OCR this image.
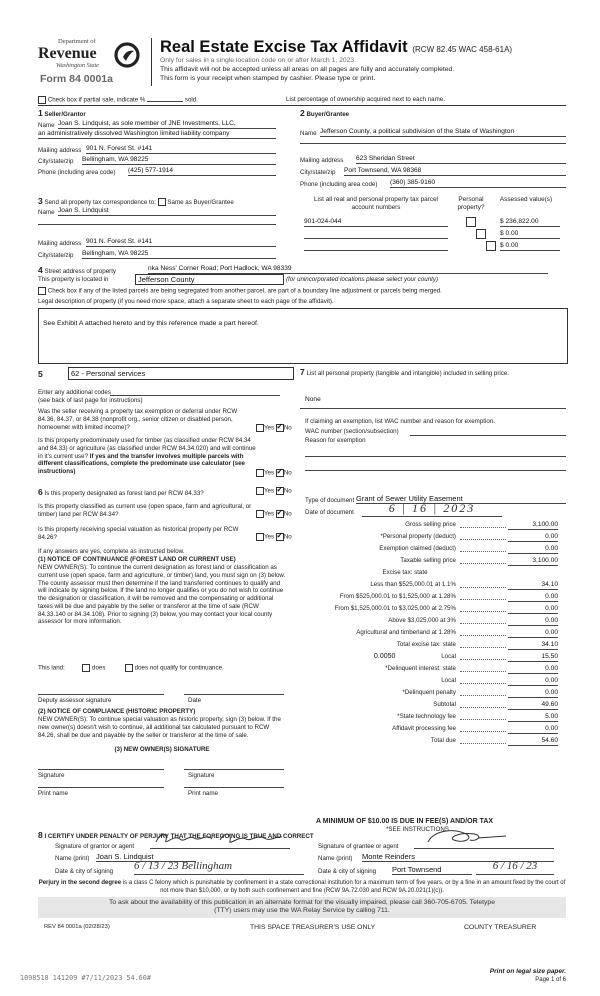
Department of
Revenue
Washington State
Form 84 0001a
Real Estate Excise Tax Affidavit (RCW 82.45 WAC 458-61A)
Only for sales in a single location code on or after March 1, 2023.
This affidavit will not be accepted unless all areas on all pages are fully and accurately completed.
This form is your receipt when stamped by cashier. Please type or print.
Check box if partial sale, indicate %	sold.	List percentage of ownership acquired next to each name.
1 Seller/Grantor
Name Joan S. Lindquist, as sole member of JNE Investments, LLC,
an administratively dissolved Washington limited liability company
Mailing address 901 N. Forest St. #141
City/state/zip Bellingham, WA 98225
Phone (including area code) (425) 577-1914
2 Buyer/Grantee
Name Jefferson County, a political subdivision of the State of Washington
Mailing address 623 Sheridan Street
City/state/zip Port Townsend, WA 98368
Phone (including area code) (360) 385-9160
3 Send all property tax correspondence to: Same as Buyer/Grantee
Name Joan S. Lindquist
Mailing address 901 N. Forest St. #141
City/state/zip Bellingham, WA 98225
List all real and personal property tax parcel account numbers
Personal property?
Assessed value(s)
901-024-044	$ 236,822.00
$ 0.00
$ 0.00
4 Street address of property	nka Ness' Corner Road; Port Hadlock, WA 98339
This property is located in	Jefferson County	(for unincorporated locations please select your county)
Check box if any of the listed parcels are being segregated from another parcel, are part of a boundary line adjustment or parcels being merged.
Legal description of property (if you need more space, attach a separate sheet to each page of the affidavit).
See Exhibit A attached hereto and by this reference made a part hereof.
5	62 - Personal services
Enter any additional codes
(see back of last page for instructions)
Was the seller receiving a property tax exemption or deferral under RCW 84.36, 84.37, or 84.38 (nonprofit org., senior citizen or disabled person, homeowner with limited income)?	Yes ✓ No
Is this property predominately used for timber (as classified under RCW 84.34 and 84.33) or agriculture (as classified under RCW 84.34.020) and will continue in it's current use? If yes and the transfer involves multiple parcels with different classifications, complete the predominate use calculator (see instructions)	Yes ✓ No
6 Is this property designated as forest land per RCW 84.33?	Yes ✓ No
Is this property classified as current use (open space, farm and agricultural, or timber) land per RCW 84.34?	Yes ✓ No
Is this property receiving special valuation as historical property per RCW 84.26?	Yes ✓ No
If any answers are yes, complete as instructed below.
(1) NOTICE OF CONTINUANCE (FOREST LAND OR CURRENT USE)
NEW OWNER(S): To continue the current designation as forest land or classification as current use (open space, farm and agriculture, or timber) land, you must sign on (3) below. The county assessor must then determine if the land transferred continues to qualify and will indicate by signing below. If the land no longer qualifies or you do not wish to continue the designation or classification, it will be removed and the compensating or additional taxes will be due and payable by the seller or transferor at the time of sale (RCW 84.33.140 or 84.34.108). Prior to signing (3) below, you may contact your local county assessor for more information.
This land:	does	does not qualify for continuance.
Deputy assessor signature	Date
(2) NOTICE OF COMPLIANCE (HISTORIC PROPERTY)
NEW OWNER(S): To continue special valuation as historic property, sign (3) below. If the new owner(s) doesn't wish to continue, all additional tax calculated pursuant to RCW 84.26, shall be due and payable by the seller or transferor at the time of sale.
(3) NEW OWNER(S) SIGNATURE
Signature	Signature
Print name	Print name
7 List all personal property (tangible and intangible) included in selling price.
None
If claiming an exemption, list WAC number and reason for exemption.
WAC number (section/subsection)
Reason for exemption
Type of document Grant of Sewer Utility Easement
Date of document	6 | 16 | 2023
Gross selling price	3,100.00
*Personal property (deduct)	0.00
Exemption claimed (deduct)	0.00
Taxable selling price	3,100.00
Excise tax: state
Less than $525,000.01 at 1.1%	34.10
From $525,000.01 to $1,525,000 at 1.28%	0.00
From $1,525,000.01 to $3,025,000 at 2.75%	0.00
Above $3,025,000 at 3%	0.00
Agricultural and timberland at 1.28%	0.00
Total excise tax: state	34.10
Local	15.50
0.0050
*Delinquent interest: state	0.00
Local	0.00
*Delinquent penalty	0.00
Subtotal	49.60
*State technology fee	5.00
Affidavit processing fee	0.00
Total due	54.60
A MINIMUM OF $10.00 IS DUE IN FEE(S) AND/OR TAX
*SEE INSTRUCTIONS
8 I CERTIFY UNDER PENALTY OF PERJURY THAT THE FOREGOING IS TRUE AND CORRECT
Signature of grantor or agent
Name (print) Joan S. Lindquist
Date & city of signing 6 / 13 / 23 Bellingham
Signature of grantee or agent
Name (print) Monte Reinders
Date & city of signing Port Townsend	6 / 16 / 23
Perjury in the second degree is a class C felony which is punishable by confinement in a state correctional institution for a maximum term of five years, or by a fine in an amount fixed by the court of not more than $10,000, or by both such confinement and fine (RCW 9A.72.030 and RCW 9A.20.021(1)(c)).
To ask about the availability of this publication in an alternate format for the visually impaired, please call 360-705-6705. Teletype
(TTY) users may use the WA Relay Service by calling 711.
REV 84 0001a (02/28/23)	THIS SPACE TREASURER'S USE ONLY	COUNTY TREASURER
Print on legal size paper.
Page 1 of 6
1098518 141209 #7/11/2023 54.60#
